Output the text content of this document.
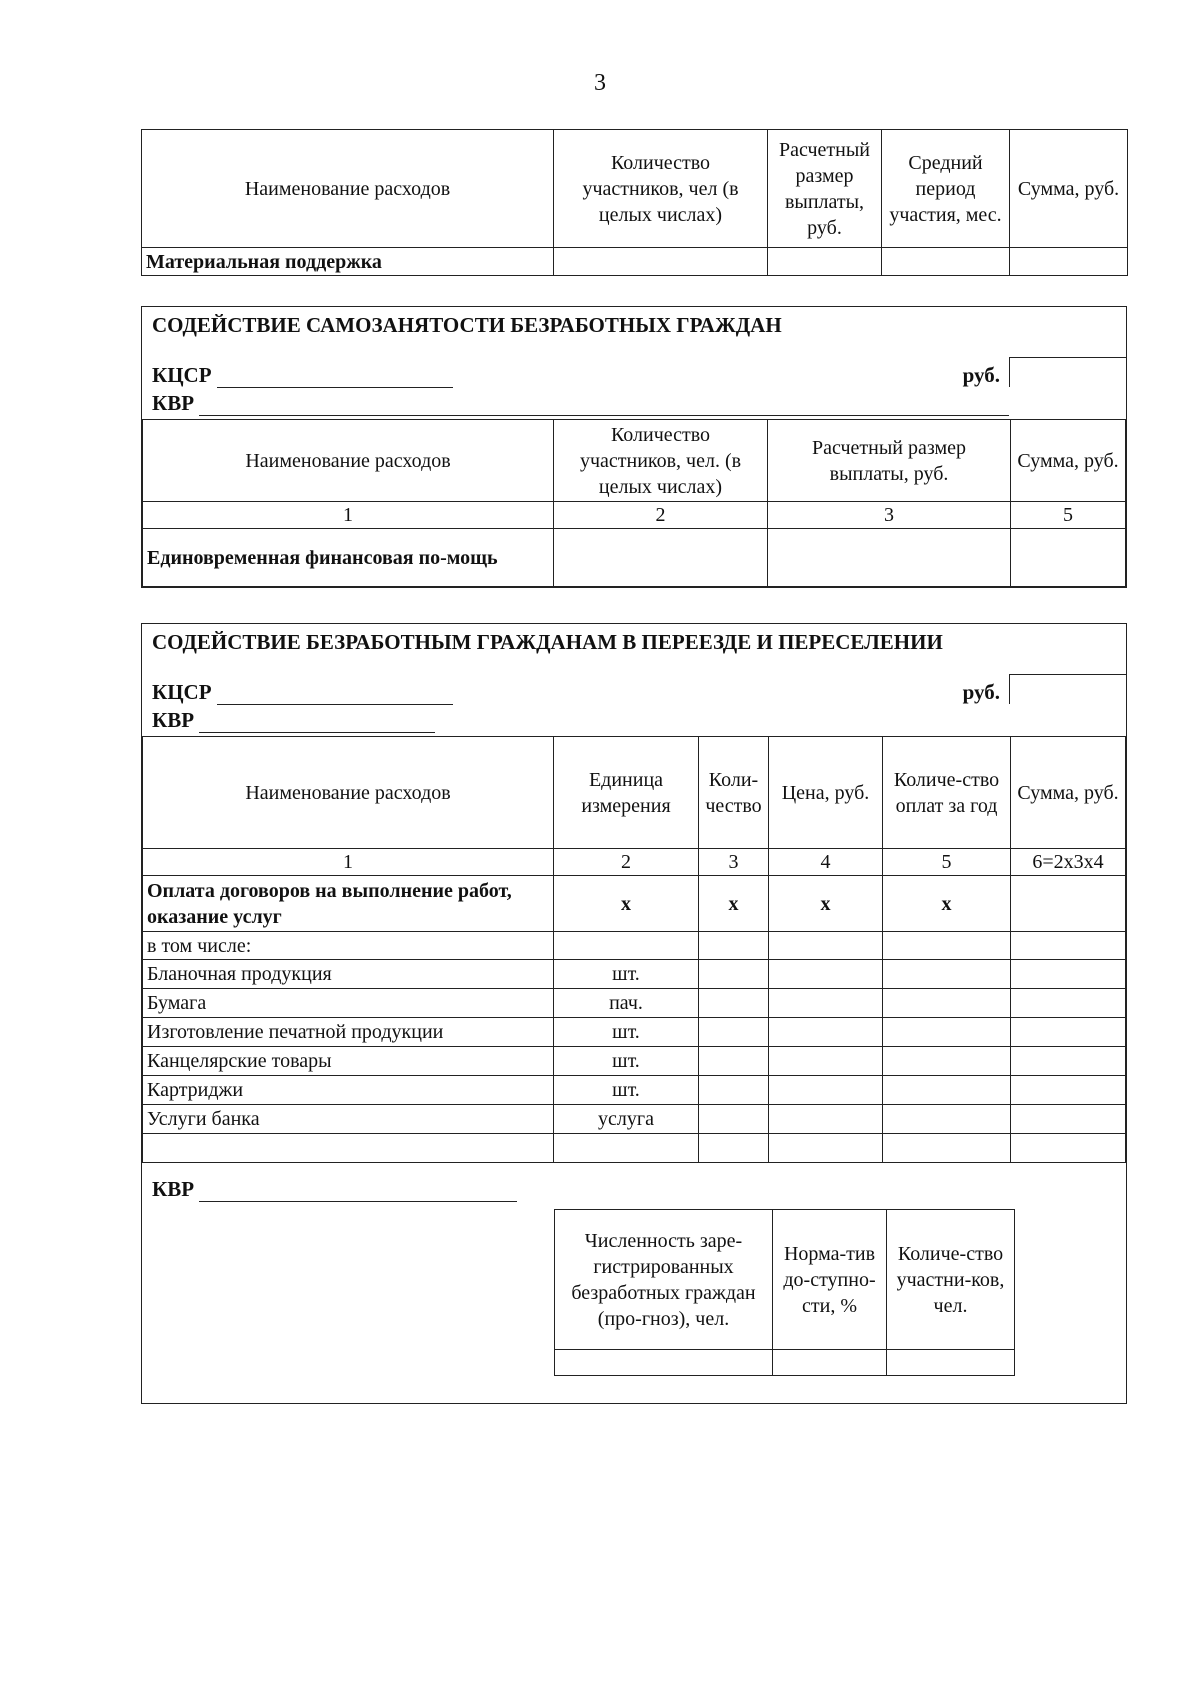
3
Наименование расходов	Количество участников, чел (в целых числах)	Расчетный размер выплаты, руб.	Средний период участия, мес.	Сумма, руб.
Материальная поддержка				
СОДЕЙСТВИЕ САМОЗАНЯТОСТИ БЕЗРАБОТНЫХ ГРАЖДАН
КЦСР	руб.
КВР
Наименование расходов	Количество участников, чел. (в целых числах)	Расчетный размер выплаты, руб.	Сумма, руб.
1	2	3	5
Единовременная финансовая по-мощь			
СОДЕЙСТВИЕ БЕЗРАБОТНЫМ ГРАЖДАНАМ В ПЕРЕЕЗДЕ И ПЕРЕСЕЛЕНИИ
КЦСР	руб.
КВР
Наименование расходов	Единица измерения	Коли-чество	Цена, руб.	Количе-ство оплат за год	Сумма, руб.
1	2	3	4	5	6=2х3х4
Оплата договоров на выполнение работ, оказание услуг	х	х	х	х	
в том числе:					
Бланочная продукция	шт.				
Бумага	пач.				
Изготовление печатной продукции	шт.				
Канцелярские товары	шт.				
Картриджи	шт.				
Услуги банка	услуга				

КВР
Численность заре-гистрированных безработных граждан (про-гноз), чел.	Норма-тив до-ступно-сти, %	Количе-ство участни-ков, чел.
